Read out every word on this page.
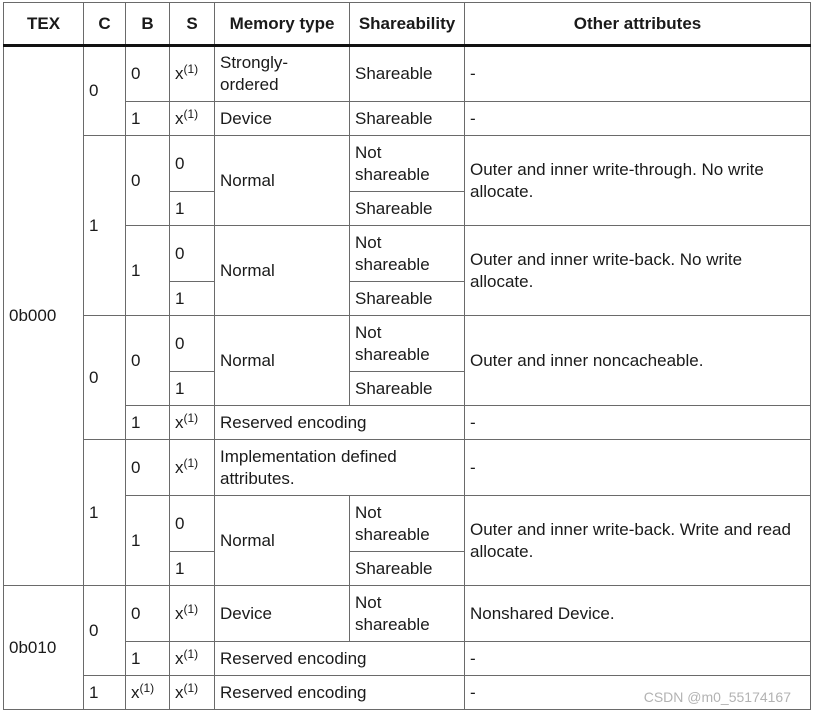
TEX	C	B	S	Memory type	Shareability	Other attributes
0b000	0	0	$x^{(1)}$	Strongly-ordered	Shareable	-
		1	$x^{(1)}$	Device	Shareable	-
	1	0	0	Normal	Not shareable	Outer and inner write-through. No write allocate.
			1		Shareable	
		1	0	Normal	Not shareable	Outer and inner write-back. No write allocate.
			1		Shareable	
	0	0	0	Normal	Not shareable	Outer and inner noncacheable.
			1		Shareable	
		1	$x^{(1)}$	Reserved encoding		-
	1	0	$x^{(1)}$	Implementation defined attributes.		-
		1	0	Normal	Not shareable	Outer and inner write-back. Write and read allocate.
			1		Shareable	
0b010	0	0	$x^{(1)}$	Device	Not shareable	Nonshared Device.
		1	$x^{(1)}$	Reserved encoding		-
	1	$x^{(1)}$	$x^{(1)}$	Reserved encoding		-	CSDN @m0_55174167
